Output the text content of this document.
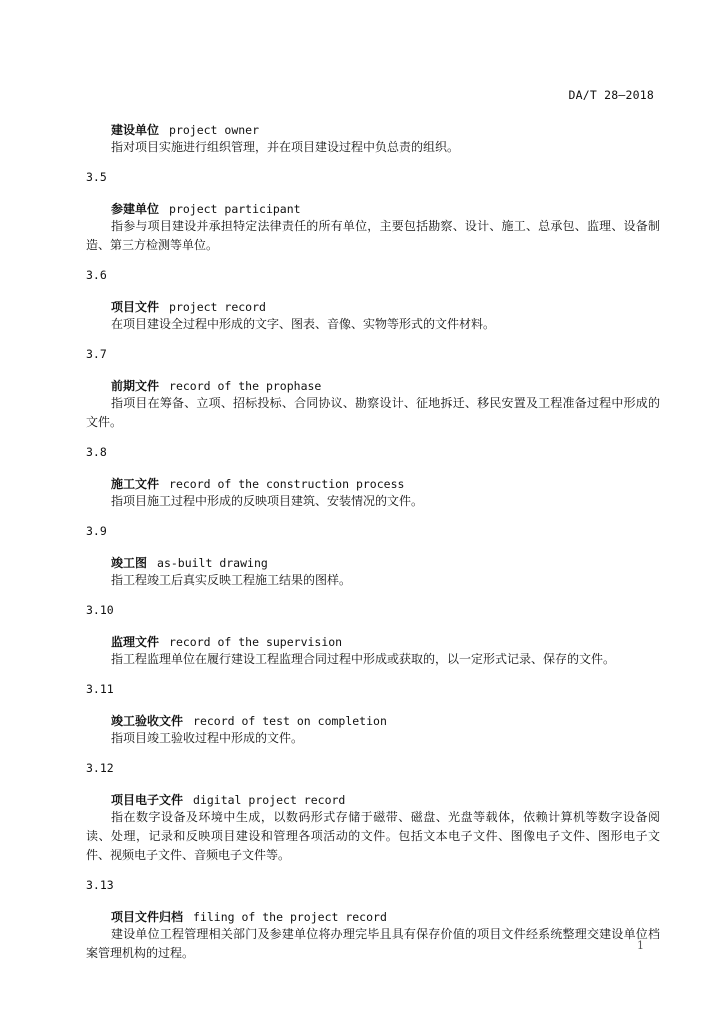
DA/T 28—2018
建设单位 project owner

指对项目实施进行组织管理，并在项目建设过程中负总责的组织。

3.5
参建单位 project participant

指参与项目建设并承担特定法律责任的所有单位，主要包括勘察、设计、施工、总承包、监理、设备制造、第三方检测等单位。

3.6
项目文件 project record

在项目建设全过程中形成的文字、图表、音像、实物等形式的文件材料。

3.7
前期文件 record of the prophase

指项目在筹备、立项、招标投标、合同协议、勘察设计、征地拆迁、移民安置及工程准备过程中形成的文件。

3.8
施工文件 record of the construction process

指项目施工过程中形成的反映项目建筑、安装情况的文件。

3.9
竣工图 as-built drawing

指工程竣工后真实反映工程施工结果的图样。

3.10
监理文件 record of the supervision

指工程监理单位在履行建设工程监理合同过程中形成或获取的，以一定形式记录、保存的文件。

3.11
竣工验收文件 record of test on completion

指项目竣工验收过程中形成的文件。

3.12
项目电子文件 digital project record

指在数字设备及环境中生成，以数码形式存储于磁带、磁盘、光盘等载体，依赖计算机等数字设备阅读、处理，记录和反映项目建设和管理各项活动的文件。包括文本电子文件、图像电子文件、图形电子文件、视频电子文件、音频电子文件等。

3.13
项目文件归档 filing of the project record

建设单位工程管理相关部门及参建单位将办理完毕且具有保存价值的项目文件经系统整理交建设单位档案管理机构的过程。

1
